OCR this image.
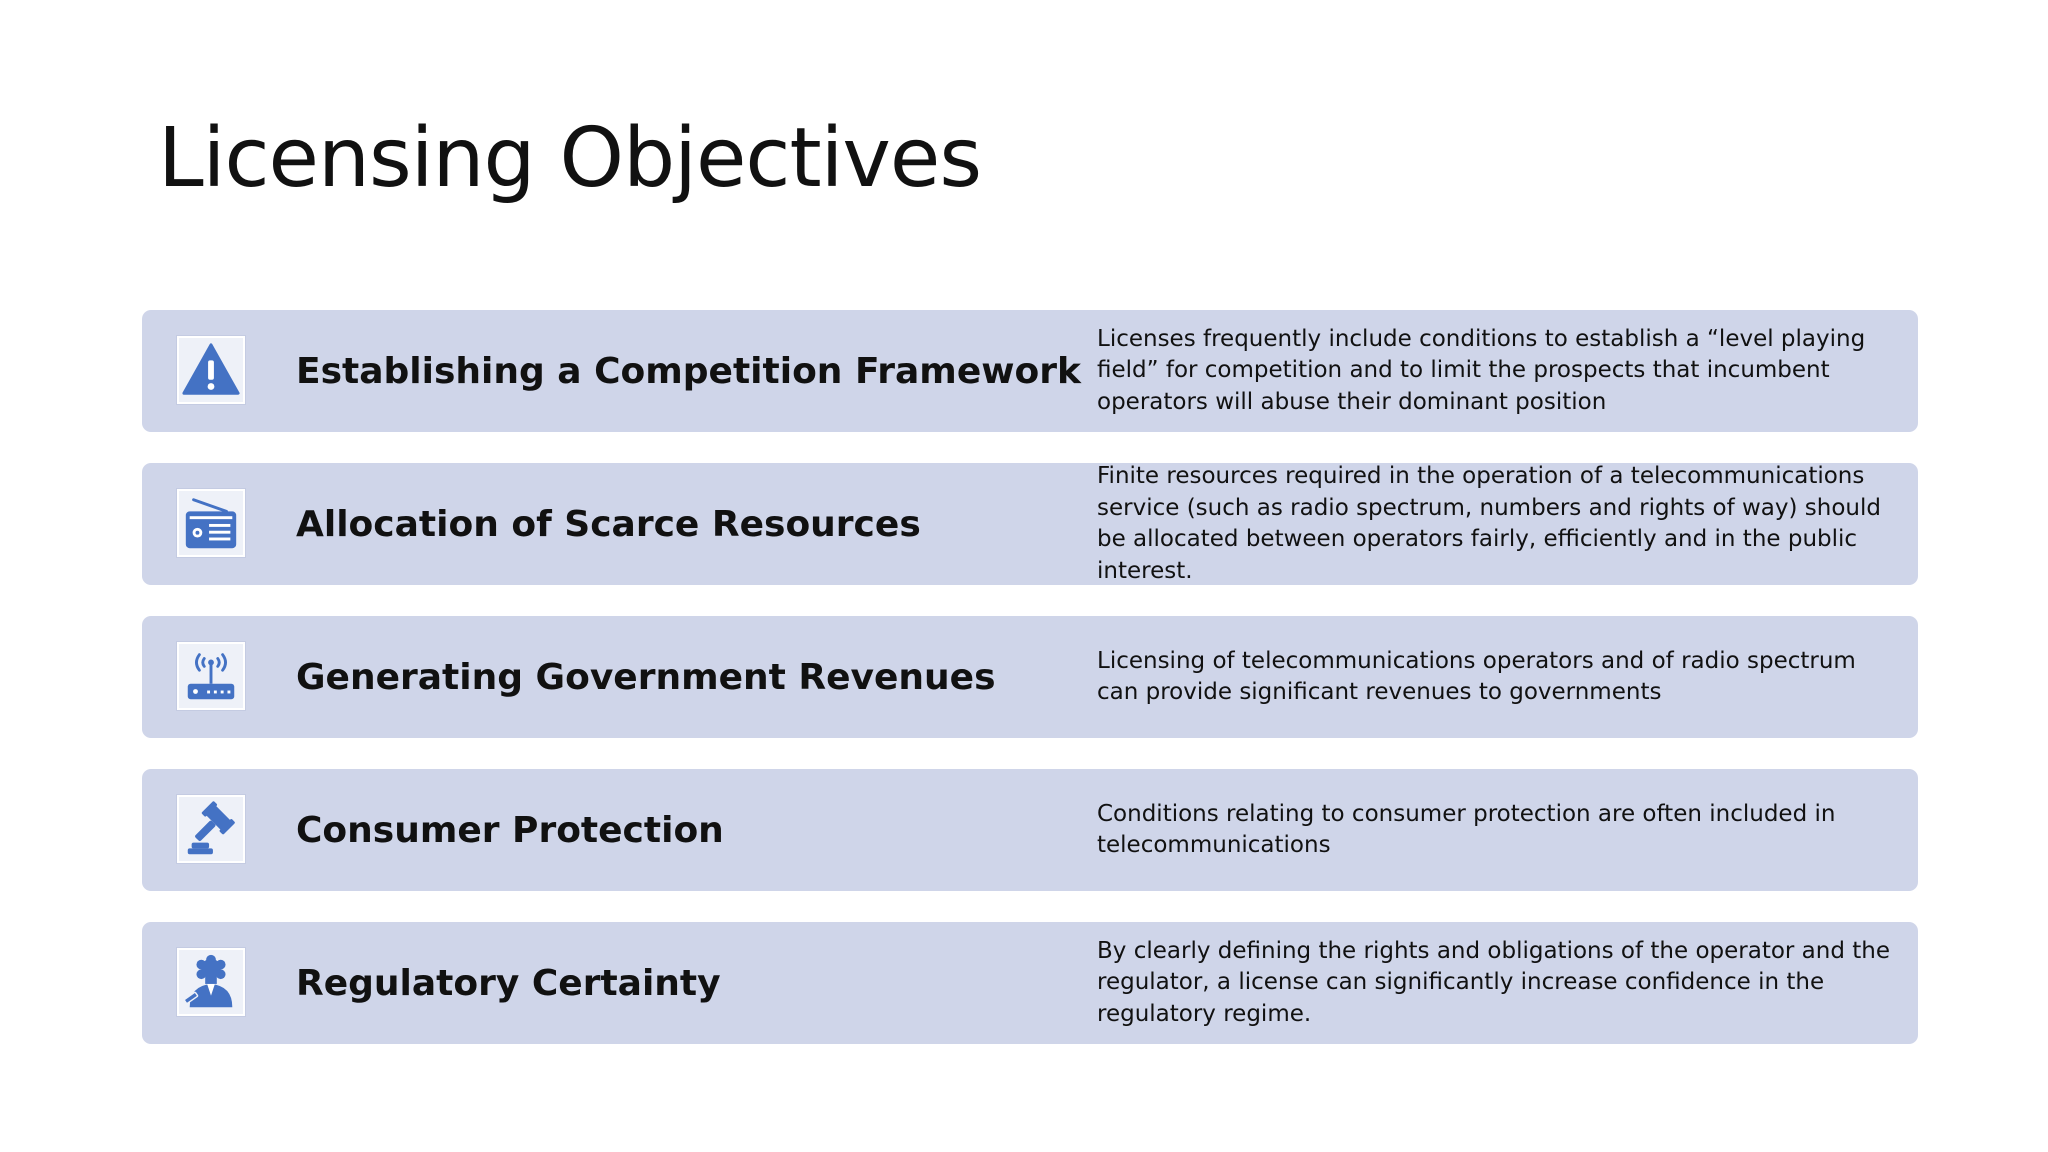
Licensing Objectives
Establishing a Competition Framework
Licenses frequently include conditions to establish a “level playing field” for competition and to limit the prospects that incumbent operators will abuse their dominant position
Allocation of Scarce Resources
Finite resources required in the operation of a telecommunications service (such as radio spectrum, numbers and rights of way) should be allocated between operators fairly, efficiently and in the public interest.
Generating Government Revenues	Licensing of telecommunications operators and of radio spectrum can provide significant revenues to governments
Consumer Protection	Conditions relating to consumer protection are often included in telecommunications
Regulatory Certainty
By clearly defining the rights and obligations of the operator and the regulator, a license can significantly increase confidence in the regulatory regime.
